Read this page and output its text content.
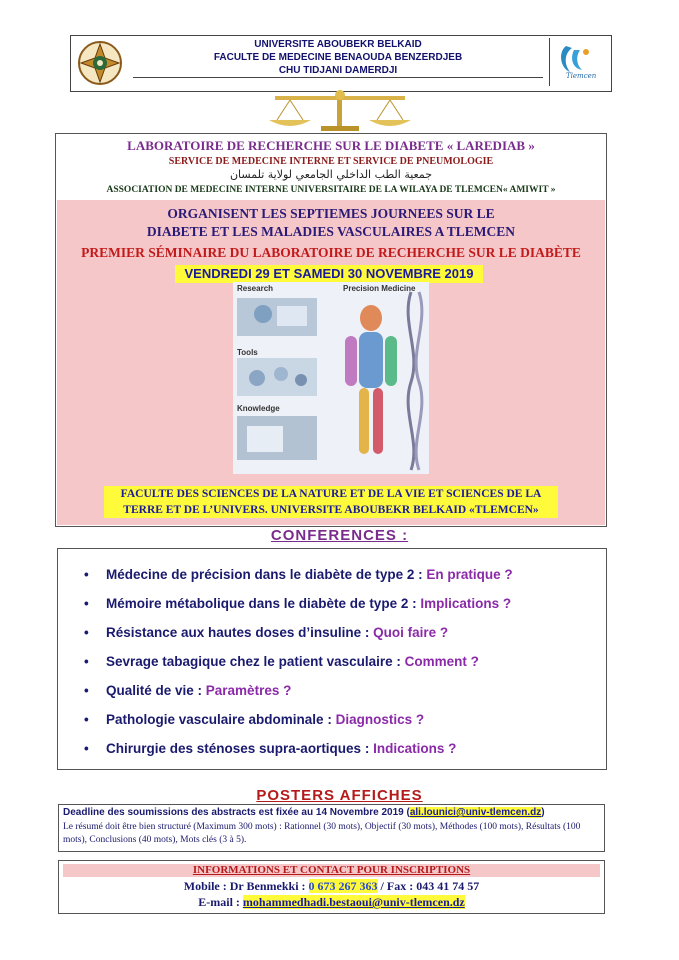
UNIVERSITE ABOUBEKR BELKAID
FACULTE DE MEDECINE BENAOUDA BENZERDJEB
CHU TIDJANI DAMERDJI	Tlemcen
LABORATOIRE DE RECHERCHE SUR LE DIABETE « LAREDIAB »
SERVICE DE MEDECINE INTERNE ET SERVICE DE PNEUMOLOGIE
جمعية الطب الداخلي الجامعي لولاية تلمسان
ASSOCIATION DE MEDECINE INTERNE UNIVERSITAIRE DE LA WILAYA DE TLEMCEN« AMIWIT »
ORGANISENT LES SEPTIEMES JOURNEES SUR LE
DIABETE ET LES MALADIES VASCULAIRES A TLEMCEN
PREMIER SÉMINAIRE DU LABORATOIRE DE RECHERCHE SUR LE DIABÈTE
VENDREDI 29 ET SAMEDI 30 NOVEMBRE 2019
Research	Precision Medicine
Tools
Knowledge
FACULTE DES SCIENCES DE LA NATURE ET DE LA VIE ET SCIENCES DE LA
TERRE ET DE L’UNIVERS. UNIVERSITE ABOUBEKR BELKAID «TLEMCEN»
CONFERENCES :
• Médecine de précision dans le diabète de type 2 : En pratique ?
• Mémoire métabolique dans le diabète de type 2 : Implications ?
• Résistance aux hautes doses d’insuline : Quoi faire ?
• Sevrage tabagique chez le patient vasculaire : Comment ?
• Qualité de vie : Paramètres ?
• Pathologie vasculaire abdominale : Diagnostics ?
• Chirurgie des sténoses supra-aortiques : Indications ?
POSTERS AFFICHES
Deadline des soumissions des abstracts est fixée au 14 Novembre 2019 (ali.lounici@univ-tlemcen.dz)
Le résumé doit être bien structuré (Maximum 300 mots) : Rationnel (30 mots), Objectif (30 mots), Méthodes (100 mots), Résultats (100 mots), Conclusions (40 mots), Mots clés (3 à 5).
INFORMATIONS ET CONTACT POUR INSCRIPTIONS
Mobile : Dr Benmekki : 0 673 267 363 / Fax : 043 41 74 57
E-mail : mohammedhadi.bestaoui@univ-tlemcen.dz
